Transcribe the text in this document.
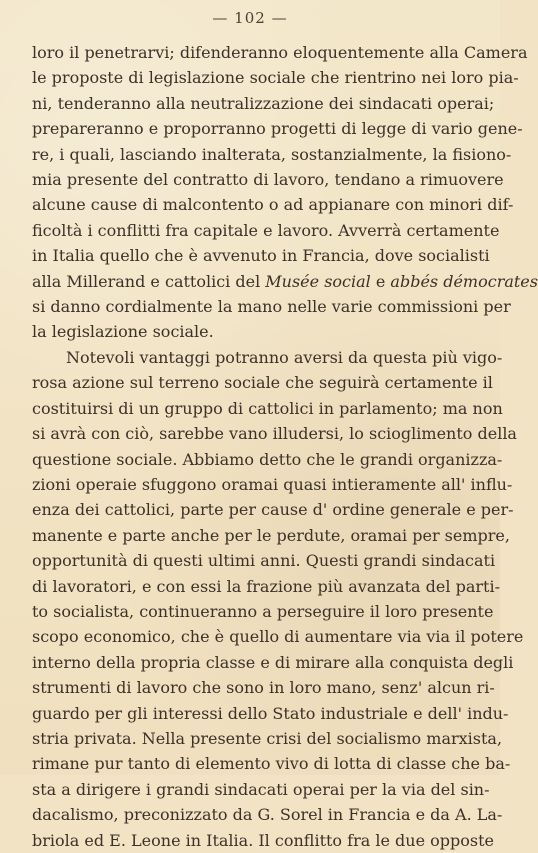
— 102 —
loro il penetrarvi; difenderanno eloquentemente alla Camera
le proposte di legislazione sociale che rientrino nei loro pia-
ni, tenderanno alla neutralizzazione dei sindacati operai;
prepareranno e proporranno progetti di legge di vario gene-
re, i quali, lasciando inalterata, sostanzialmente, la fisiono-
mia presente del contratto di lavoro, tendano a rimuovere
alcune cause di malcontento o ad appianare con minori dif-
ficoltà i conflitti fra capitale e lavoro. Avverrà certamente
in Italia quello che è avvenuto in Francia, dove socialisti
alla Millerand e cattolici del Musée social e abbés démocrates
si danno cordialmente la mano nelle varie commissioni per
la legislazione sociale.
Notevoli vantaggi potranno aversi da questa più vigo-
rosa azione sul terreno sociale che seguirà certamente il
costituirsi di un gruppo di cattolici in parlamento; ma non
si avrà con ciò, sarebbe vano illudersi, lo scioglimento della
questione sociale. Abbiamo detto che le grandi organizza-
zioni operaie sfuggono oramai quasi intieramente all' influ-
enza dei cattolici, parte per cause d' ordine generale e per-
manente e parte anche per le perdute, oramai per sempre,
opportunità di questi ultimi anni. Questi grandi sindacati
di lavoratori, e con essi la frazione più avanzata del parti-
to socialista, continueranno a perseguire il loro presente
scopo economico, che è quello di aumentare via via il potere
interno della propria classe e di mirare alla conquista degli
strumenti di lavoro che sono in loro mano, senz' alcun ri-
guardo per gli interessi dello Stato industriale e dell' indu-
stria privata. Nella presente crisi del socialismo marxista,
rimane pur tanto di elemento vivo di lotta di classe che ba-
sta a dirigere i grandi sindacati operai per la via del sin-
dacalismo, preconizzato da G. Sorel in Francia e da A. La-
briola ed E. Leone in Italia. Il conflitto fra le due opposte
